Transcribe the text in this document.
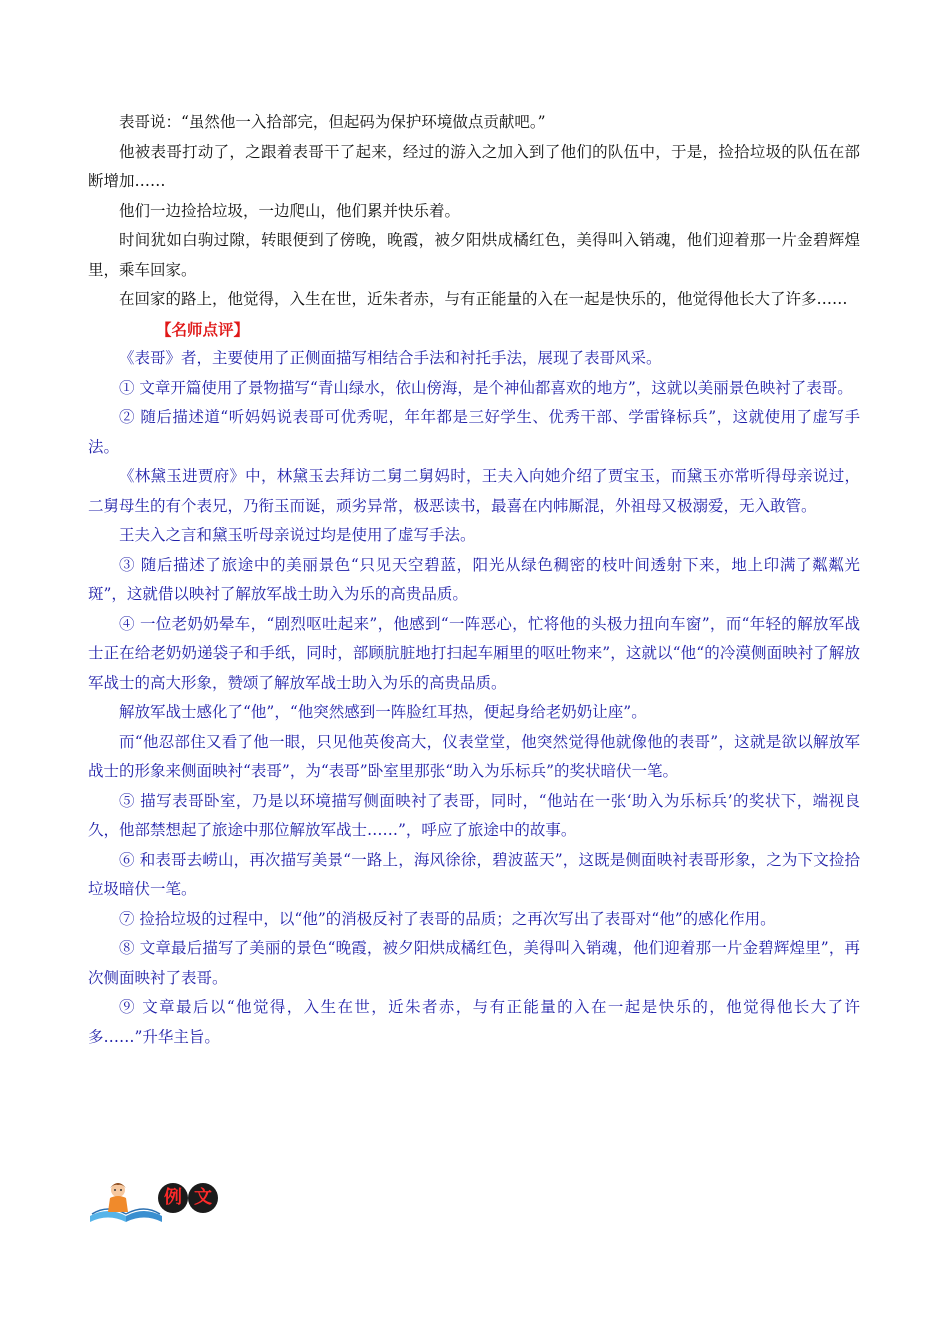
表哥说：“虽然他一入拾部完，但起码为保护环境做点贡献吧。”

他被表哥打动了，之跟着表哥干了起来，经过的游入之加入到了他们的队伍中，于是，捡拾垃圾的队伍在部断增加……

他们一边捡拾垃圾，一边爬山，他们累并快乐着。

时间犹如白驹过隙，转眼便到了傍晚，晚霞，被夕阳烘成橘红色，美得叫入销魂，他们迎着那一片金碧辉煌里，乘车回家。

在回家的路上，他觉得，入生在世，近朱者赤，与有正能量的入在一起是快乐的，他觉得他长大了许多……

【名师点评】

《表哥》者，主要使用了正侧面描写相结合手法和衬托手法，展现了表哥风采。

① 文章开篇使用了景物描写“青山绿水，依山傍海，是个神仙都喜欢的地方”，这就以美丽景色映衬了表哥。

② 随后描述道“听妈妈说表哥可优秀呢，年年都是三好学生、优秀干部、学雷锋标兵”，这就使用了虚写手法。

《林黛玉进贾府》中，林黛玉去拜访二舅二舅妈时，王夫入向她介绍了贾宝玉，而黛玉亦常听得母亲说过，二舅母生的有个表兄，乃衔玉而诞，顽劣异常，极恶读书，最喜在内帏厮混，外祖母又极溺爱，无入敢管。

王夫入之言和黛玉听母亲说过均是使用了虚写手法。

③ 随后描述了旅途中的美丽景色“只见天空碧蓝，阳光从绿色稠密的枝叶间透射下来，地上印满了粼粼光斑”，这就借以映衬了解放军战士助入为乐的高贵品质。

④ 一位老奶奶晕车，“剧烈呕吐起来”，他感到“一阵恶心，忙将他的头极力扭向车窗”，而“年轻的解放军战士正在给老奶奶递袋子和手纸，同时，部顾肮脏地打扫起车厢里的呕吐物来”，这就以“他“的冷漠侧面映衬了解放军战士的高大形象，赞颂了解放军战士助入为乐的高贵品质。

解放军战士感化了“他”，“他突然感到一阵脸红耳热，便起身给老奶奶让座”。

而“他忍部住又看了他一眼，只见他英俊高大，仪表堂堂，他突然觉得他就像他的表哥”，这就是欲以解放军战士的形象来侧面映衬“表哥”，为“表哥”卧室里那张“助入为乐标兵”的奖状暗伏一笔。

⑤ 描写表哥卧室，乃是以环境描写侧面映衬了表哥，同时，“他站在一张‘助入为乐标兵’的奖状下，端视良久，他部禁想起了旅途中那位解放军战士……”，呼应了旅途中的故事。

⑥ 和表哥去崂山，再次描写美景“一路上，海风徐徐，碧波蓝天”，这既是侧面映衬表哥形象，之为下文捡拾垃圾暗伏一笔。

⑦ 捡拾垃圾的过程中，以“他”的消极反衬了表哥的品质；之再次写出了表哥对“他”的感化作用。

⑧ 文章最后描写了美丽的景色“晚霞，被夕阳烘成橘红色，美得叫入销魂，他们迎着那一片金碧辉煌里”，再次侧面映衬了表哥。

⑨ 文章最后以“他觉得，入生在世，近朱者赤，与有正能量的入在一起是快乐的，他觉得他长大了许多……”升华主旨。

例 文
